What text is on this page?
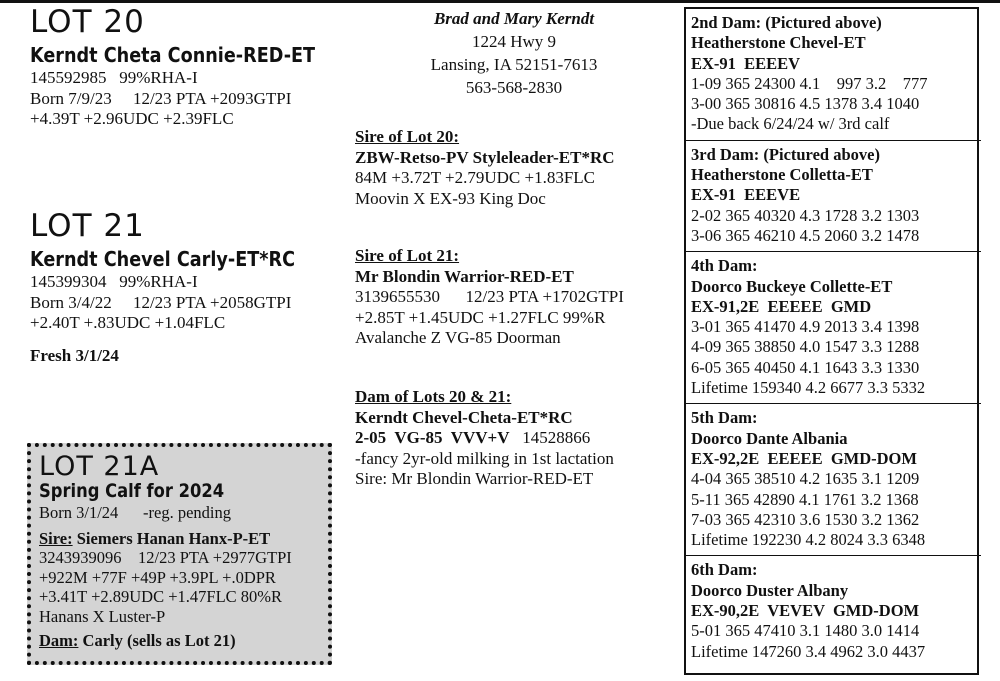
LOT 20
Kerndt Cheta Connie-RED-ET
145592985   99%RHA-I
Born 7/9/23     12/23 PTA +2093GTPI
+4.39T +2.96UDC +2.39FLC
LOT 21
Kerndt Chevel Carly-ET*RC
145399304   99%RHA-I
Born 3/4/22     12/23 PTA +2058GTPI
+2.40T +.83UDC +1.04FLC
Fresh 3/1/24
LOT 21A
Spring Calf for 2024
Born 3/1/24      -reg. pending
Sire: Siemers Hanan Hanx-P-ET
3243939096    12/23 PTA +2977GTPI
+922M +77F +49P +3.9PL +.0DPR
+3.41T +2.89UDC +1.47FLC 80%R
Hanans X Luster-P
Dam: Carly (sells as Lot 21)
Brad and Mary Kerndt
1224 Hwy 9
Lansing, IA 52151-7613
563-568-2830
Sire of Lot 20:
ZBW-Retso-PV Styleleader-ET*RC
84M +3.72T +2.79UDC +1.83FLC
Moovin X EX-93 King Doc
Sire of Lot 21:
Mr Blondin Warrior-RED-ET
3139655530      12/23 PTA +1702GTPI
+2.85T +1.45UDC +1.27FLC 99%R
Avalanche Z VG-85 Doorman
Dam of Lots 20 & 21:
Kerndt Chevel-Cheta-ET*RC
2-05  VG-85  VVV+V   14528866
-fancy 2yr-old milking in 1st lactation
Sire: Mr Blondin Warrior-RED-ET
2nd Dam: (Pictured above)
Heatherstone Chevel-ET
EX-91  EEEEV
1-09 365 24300 4.1    997 3.2    777
3-00 365 30816 4.5 1378 3.4 1040
-Due back 6/24/24 w/ 3rd calf
3rd Dam: (Pictured above)
Heatherstone Colletta-ET
EX-91  EEEVE
2-02 365 40320 4.3 1728 3.2 1303
3-06 365 46210 4.5 2060 3.2 1478
4th Dam:
Doorco Buckeye Collette-ET
EX-91,2E  EEEEE  GMD
3-01 365 41470 4.9 2013 3.4 1398
4-09 365 38850 4.0 1547 3.3 1288
6-05 365 40450 4.1 1643 3.3 1330
Lifetime 159340 4.2 6677 3.3 5332
5th Dam:
Doorco Dante Albania
EX-92,2E  EEEEE  GMD-DOM
4-04 365 38510 4.2 1635 3.1 1209
5-11 365 42890 4.1 1761 3.2 1368
7-03 365 42310 3.6 1530 3.2 1362
Lifetime 192230 4.2 8024 3.3 6348
6th Dam:
Doorco Duster Albany
EX-90,2E  VEVEV  GMD-DOM
5-01 365 47410 3.1 1480 3.0 1414
Lifetime 147260 3.4 4962 3.0 4437
